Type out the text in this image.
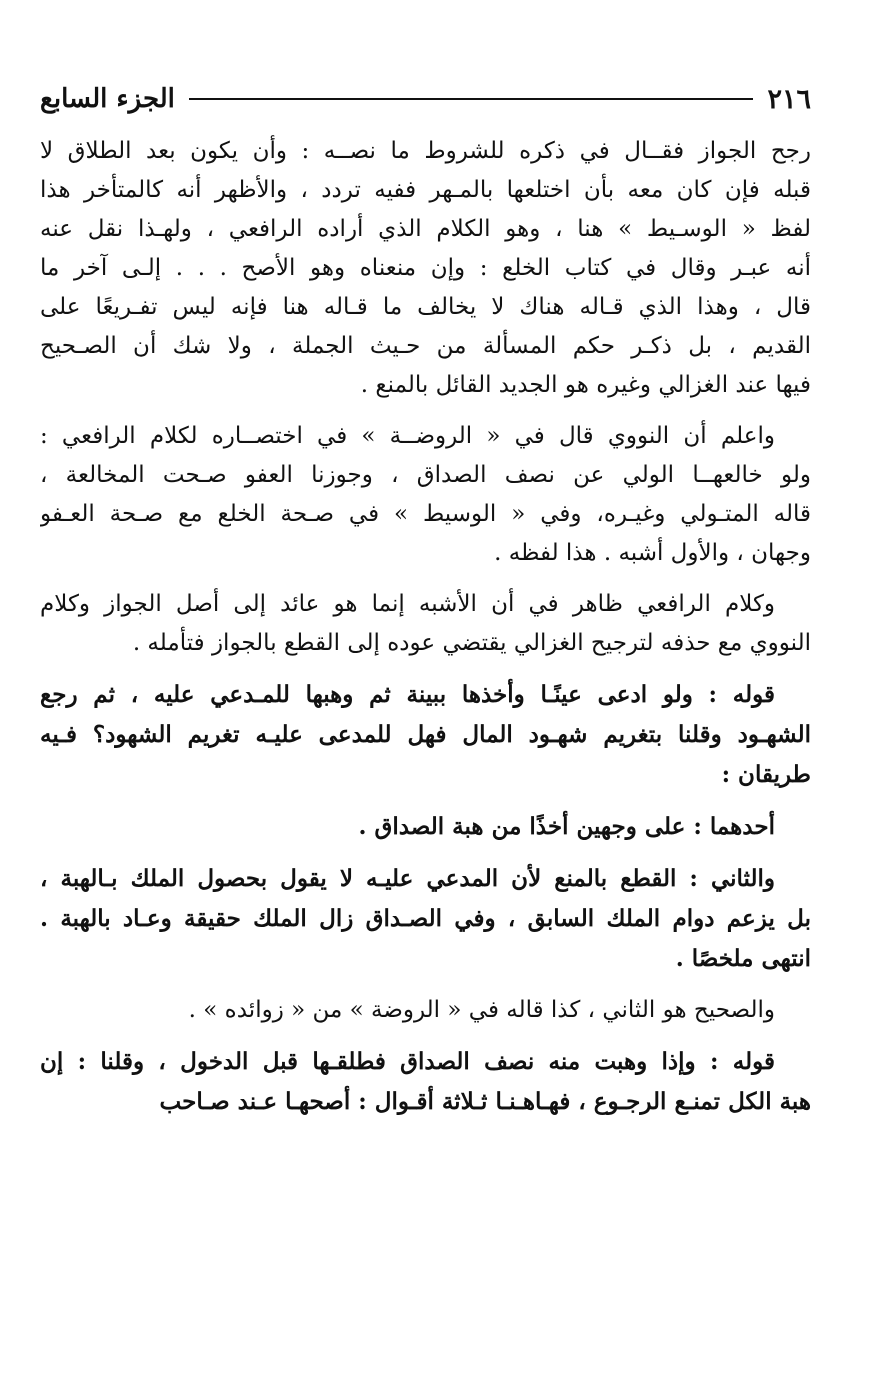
٢١٦
الجزء السابع
رجح الجواز فقــال في ذكره للشروط ما نصــه : وأن يكون بعد الطلاق لا
قبله فإن كان معه بأن اختلعها بالمـهر ففيه تردد ، والأظهر أنه كالمتأخر هذا
لفظ « الوسـيط » هنا ، وهو الكلام الذي أراده الرافعي ، ولهـذا نقل عنه
أنه عبـر وقال في كتاب الخلع : وإن منعناه وهو الأصح . . . إلـى آخر ما
قال ، وهذا الذي قـاله هناك لا يخالف ما قـاله هنا فإنه ليس تفـريعًا على
القديم ، بل ذكـر حكم المسألة من حـيث الجملة ، ولا شك أن الصـحيح
فيها عند الغزالي وغيره هو الجديد القائل بالمنع .
واعلم أن النووي قال في « الروضــة » في اختصــاره لكلام الرافعي :
ولو خالعهــا الولي عن نصف الصداق ، وجوزنا العفو صـحت المخالعة ،
قاله المتـولي وغيـره، وفي « الوسيط » في صـحة الخلع مع صـحة العـفو
وجهان ، والأول أشبه . هذا لفظه .
وكلام الرافعي ظاهر في أن الأشبه إنما هو عائد إلى أصل الجواز وكلام
النووي مع حذفه لترجيح الغزالي يقتضي عوده إلى القطع بالجواز فتأمله .
قوله : ولو ادعى عينًـا وأخذها ببينة ثم وهبها للمـدعي عليه ، ثم رجع
الشهـود وقلنا بتغريم شهـود المال فهل للمدعى عليـه تغريم الشهود؟ فـيه
طريقان :
أحدهما : على وجهين أخذًا من هبة الصداق .
والثاني : القطع بالمنع لأن المدعي عليـه لا يقول بحصول الملك بـالهبة ،
بل يزعم دوام الملك السابق ، وفي الصـداق زال الملك حقيقة وعـاد بالهبة .
انتهى ملخصًا .
والصحيح هو الثاني ، كذا قاله في « الروضة » من « زوائده » .
قوله : وإذا وهبت منه نصف الصداق فطلقـها قبل الدخول ، وقلنا : إن
هبة الكل تمنـع الرجـوع ، فهـاهـنـا ثـلاثة أقـوال : أصحهـا عـند صـاحب
